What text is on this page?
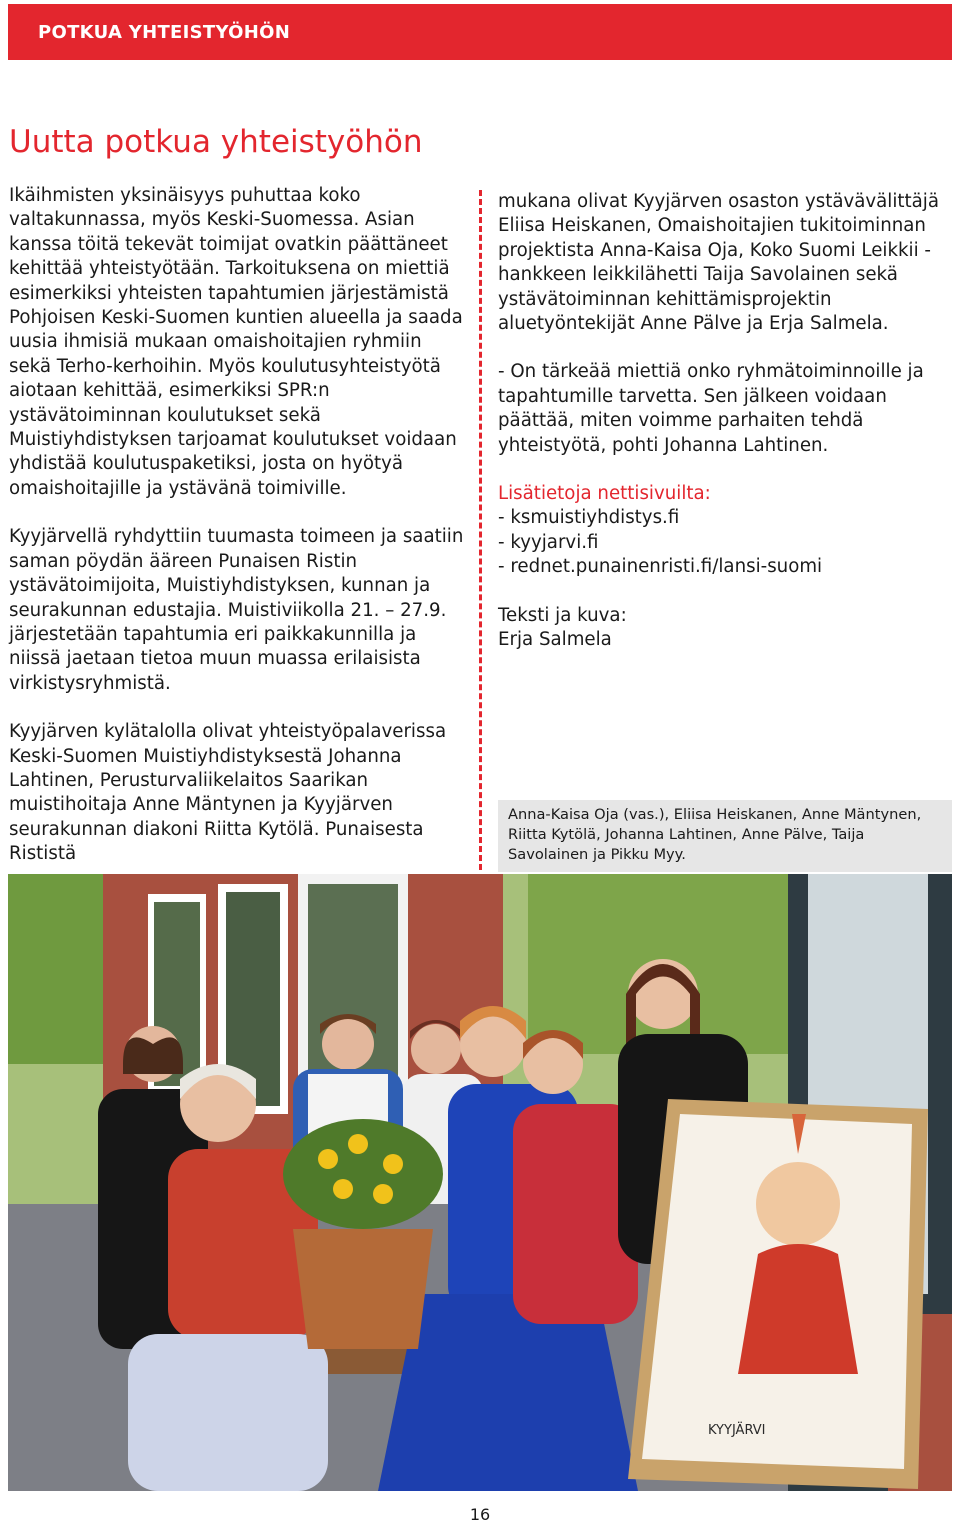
POTKUA YHTEISTYÖHÖN
Uutta potkua yhteistyöhön

Ikäihmisten yksinäisyys puhuttaa koko valtakunnassa, myös Keski-Suomessa. Asian kanssa töitä tekevät toimijat ovatkin päättäneet kehittää yhteistyötään. Tarkoituksena on miettiä esimerkiksi yhteisten tapahtumien järjestämistä Pohjoisen Keski-Suomen kuntien alueella ja saada uusia ihmisiä mukaan omaishoitajien ryhmiin sekä Terho-kerhoihin. Myös koulutusyhteistyötä aiotaan kehittää, esimerkiksi SPR:n ystävätoiminnan koulutukset sekä Muistiyhdistyksen tarjoamat koulutukset voidaan yhdistää koulutuspaketiksi, josta on hyötyä omaishoitajille ja ystävänä toimiville.

Kyyjärvellä ryhdyttiin tuumasta toimeen ja saatiin saman pöydän ääreen Punaisen Ristin ystävätoimijoita, Muistiyhdistyksen, kunnan ja seurakunnan edustajia. Muistiviikolla 21. – 27.9. järjestetään tapahtumia eri paikkakunnilla ja niissä jaetaan tietoa muun muassa erilaisista virkistysryhmistä.

Kyyjärven kylätalolla olivat yhteistyöpalaverissa Keski-Suomen Muistiyhdistyksestä Johanna Lahtinen, Perusturvaliikelaitos Saarikan muistihoitaja Anne Mäntynen ja Kyyjärven seurakunnan diakoni Riitta Kytölä. Punaisesta Rististä

mukana olivat Kyyjärven osaston ystävävälittäjä Eliisa Heiskanen, Omaishoitajien tukitoiminnan projektista Anna-Kaisa Oja, Koko Suomi Leikkii -hankkeen leikkilähetti Taija Savolainen sekä ystävätoiminnan kehittämisprojektin aluetyöntekijät Anne Pälve ja Erja Salmela.

- On tärkeää miettiä onko ryhmätoiminnoille ja tapahtumille tarvetta. Sen jälkeen voidaan päättää, miten voimme parhaiten tehdä yhteistyötä, pohti Johanna Lahtinen.

Lisätietoja nettisivuilta:
- ksmuistiyhdistys.fi
- kyyjarvi.fi
- rednet.punainenristi.fi/lansi-suomi

Teksti ja kuva:
Erja Salmela

Anna-Kaisa Oja (vas.), Eliisa Heiskanen, Anne Mäntynen, Riitta Kytölä, Johanna Lahtinen, Anne Pälve, Taija Savolainen ja Pikku Myy.

KYYJÄRVI
16
